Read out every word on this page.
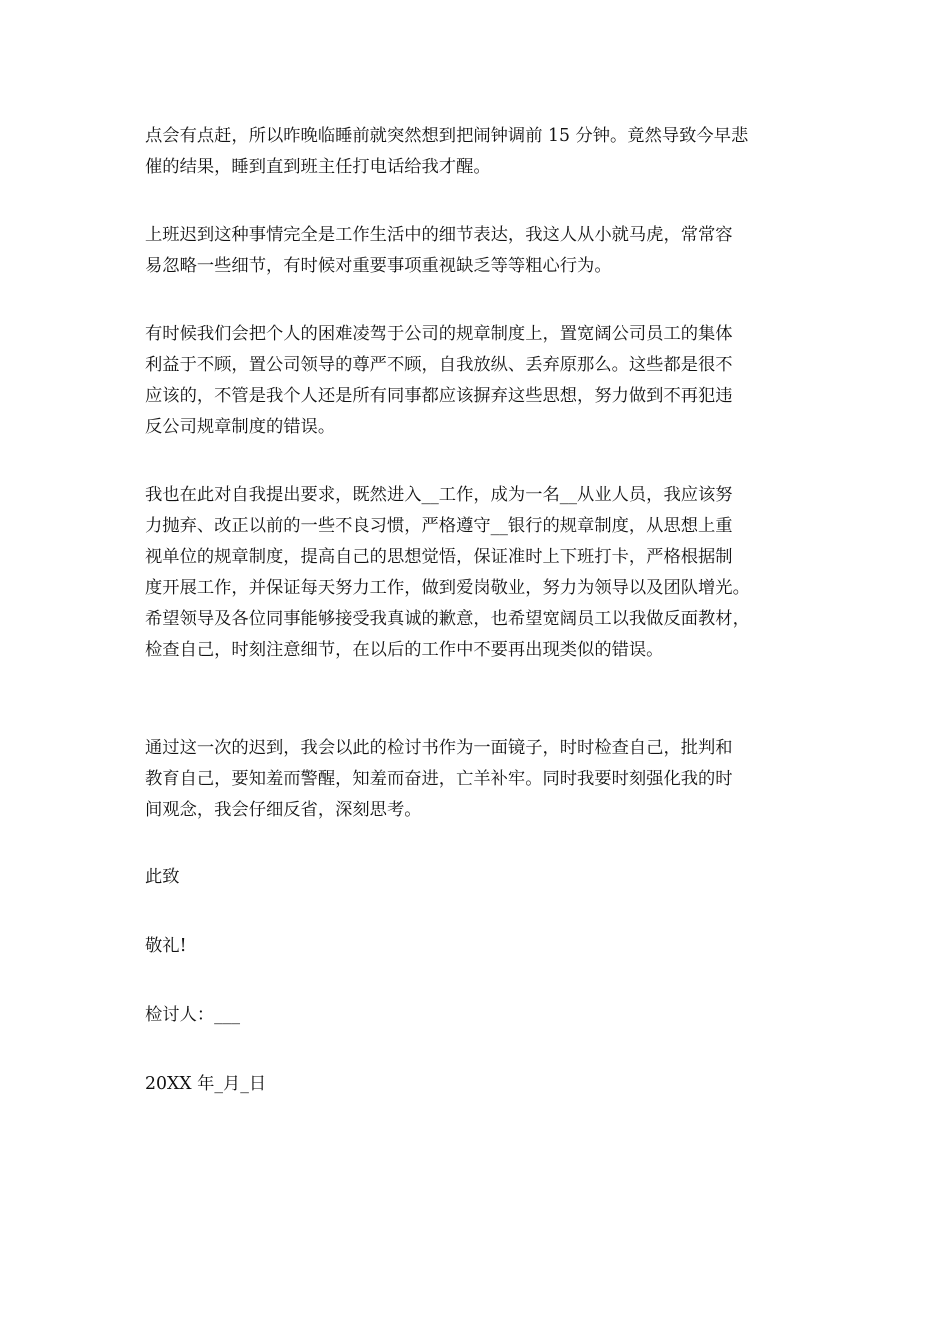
点会有点赶，所以昨晚临睡前就突然想到把闹钟调前 15 分钟。竟然导致今早悲
催的结果，睡到直到班主任打电话给我才醒。

上班迟到这种事情完全是工作生活中的细节表达，我这人从小就马虎，常常容
易忽略一些细节，有时候对重要事项重视缺乏等等粗心行为。

有时候我们会把个人的困难凌驾于公司的规章制度上，置宽阔公司员工的集体
利益于不顾，置公司领导的尊严不顾，自我放纵、丢弃原那么。这些都是很不
应该的，不管是我个人还是所有同事都应该摒弃这些思想，努力做到不再犯违
反公司规章制度的错误。

我也在此对自我提出要求，既然进入__工作，成为一名__从业人员，我应该努
力抛弃、改正以前的一些不良习惯，严格遵守__银行的规章制度，从思想上重
视单位的规章制度，提高自己的思想觉悟，保证准时上下班打卡，严格根据制
度开展工作，并保证每天努力工作，做到爱岗敬业，努力为领导以及团队增光。
希望领导及各位同事能够接受我真诚的歉意，也希望宽阔员工以我做反面教材，
检查自己，时刻注意细节，在以后的工作中不要再出现类似的错误。

通过这一次的迟到，我会以此的检讨书作为一面镜子，时时检查自己，批判和
教育自己，要知羞而警醒，知羞而奋进，亡羊补牢。同时我要时刻强化我的时
间观念，我会仔细反省，深刻思考。

此致

敬礼!

检讨人：___

20XX 年_月_日
